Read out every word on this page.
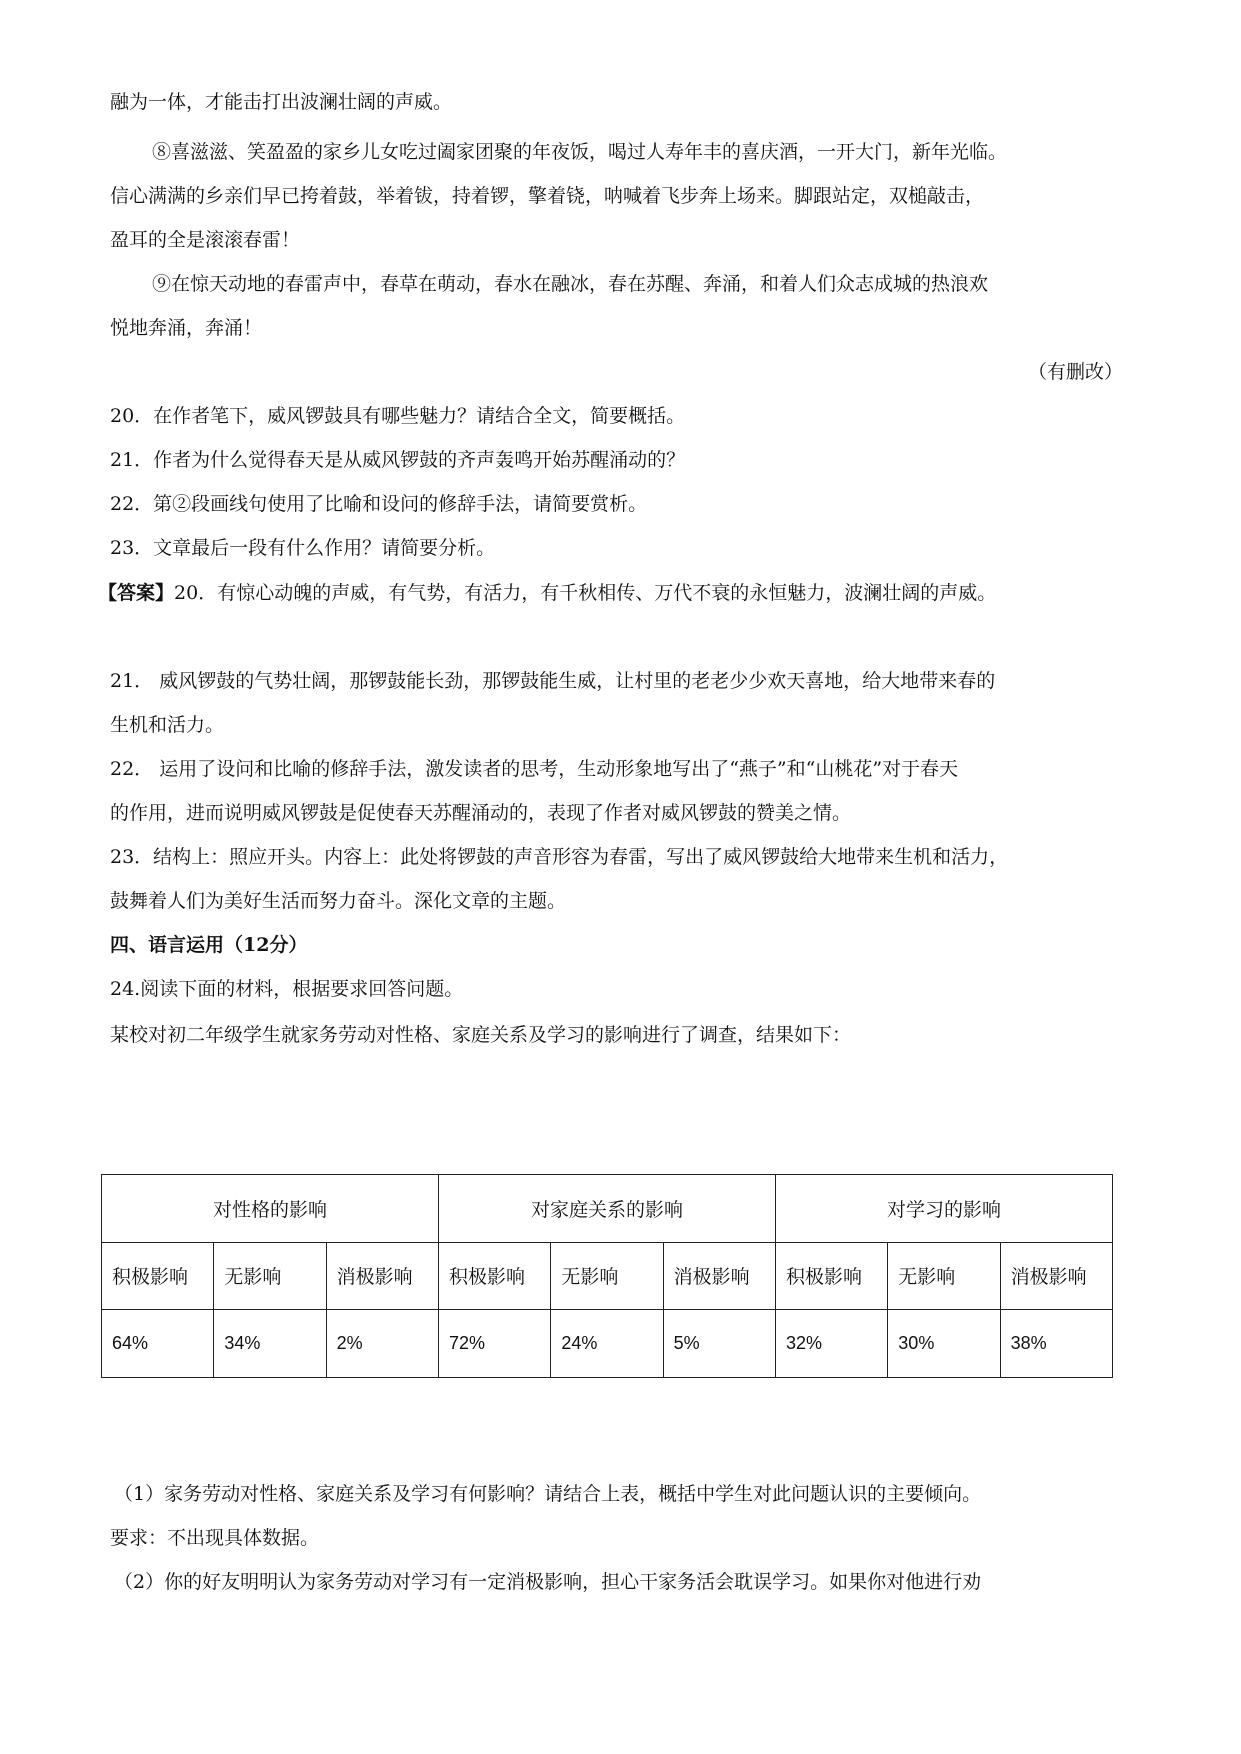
融为一体，才能击打出波澜壮阔的声威。
⑧喜滋滋、笑盈盈的家乡儿女吃过阖家团聚的年夜饭，喝过人寿年丰的喜庆酒，一开大门，新年光临。
信心满满的乡亲们早已挎着鼓，举着钹，持着锣，擎着铙，呐喊着飞步奔上场来。脚跟站定，双槌敲击，
盈耳的全是滚滚春雷！
⑨在惊天动地的春雷声中，春草在萌动，春水在融冰，春在苏醒、奔涌，和着人们众志成城的热浪欢
悦地奔涌，奔涌！
（有删改）
20．在作者笔下，威风锣鼓具有哪些魅力？请结合全文，简要概括。
21．作者为什么觉得春天是从威风锣鼓的齐声轰鸣开始苏醒涌动的？
22．第②段画线句使用了比喻和设问的修辞手法，请简要赏析。
23．文章最后一段有什么作用？请简要分析。
【答案】20．有惊心动魄的声威，有气势，有活力，有千秋相传、万代不衰的永恒魅力，波澜壮阔的声威。
21． 威风锣鼓的气势壮阔，那锣鼓能长劲，那锣鼓能生威，让村里的老老少少欢天喜地，给大地带来春的
生机和活力。
22． 运用了设问和比喻的修辞手法，激发读者的思考，生动形象地写出了“燕子”和“山桃花”对于春天
的作用，进而说明威风锣鼓是促使春天苏醒涌动的，表现了作者对威风锣鼓的赞美之情。
23．结构上：照应开头。内容上：此处将锣鼓的声音形容为春雷，写出了威风锣鼓给大地带来生机和活力，
鼓舞着人们为美好生活而努力奋斗。深化文章的主题。
四、语言运用（12分）
24.阅读下面的材料，根据要求回答问题。
某校对初二年级学生就家务劳动对性格、家庭关系及学习的影响进行了调查，结果如下：
对性格的影响			对家庭关系的影响			对学习的影响		
积极影响	无影响	消极影响	积极影响	无影响	消极影响	积极影响	无影响	消极影响
64%	34%	2%	72%	24%	5%	32%	30%	38%
（1）家务劳动对性格、家庭关系及学习有何影响？请结合上表，概括中学生对此问题认识的主要倾向。
要求：不出现具体数据。
（2）你的好友明明认为家务劳动对学习有一定消极影响，担心干家务活会耽误学习。如果你对他进行劝
